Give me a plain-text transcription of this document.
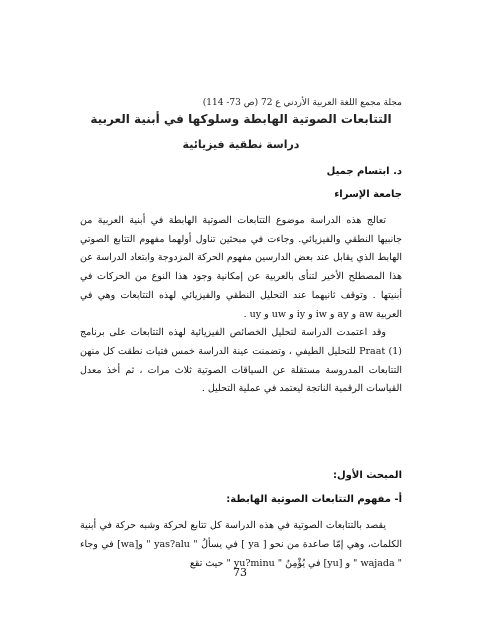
مجلة مجمع اللغة العربية الأردني ع 72 (ص 73- 114)
التتابعات الصوتية الهابطة وسلوكها في أبنية العربية
دراسة نطقية فيزيائية
د. ابتسام جميل
جامعة الإسراء

تعالج هذه الدراسة موضوع التتابعات الصوتية الهابطة في أبنية العربية من جانبيها النطقي والفيزيائي. وجاءت في مبحثين تناول أولهما مفهوم التتابع الصوتي الهابط الذي يقابل عند بعض الدارسين مفهوم الحركة المزدوجة وابتعاد الدراسة عن هذا المصطلح الأخير لتنأى بالعربية عن إمكانية وجود هذا النوع من الحركات في أبنيتها . وتوقف ثانيهما عند التحليل النطقي والفيزيائي لهذه التتابعات وهي في العربية aw و ay و iw و iy و uw و uy .

وقد اعتمدت الدراسة لتحليل الخصائص الفيزيائية لهذه التتابعات على برنامج Praat (1) للتحليل الطيفي ، وتضمنت عينة الدراسة خمس فتيات نطقت كل منهن التتابعات المدروسة مستقلة عن السياقات الصوتية ثلاث مرات ، ثم أخذ معدل القياسات الرقمية الناتجة ليعتمد في عملية التحليل .

المبحث الأول:
أ- مفهوم التتابعات الصوتية الهابطة:

يقصد بالتتابعات الصوتية في هذه الدراسة كل تتابع لحركة وشبه حركة في أبنية الكلمات، وهي إمّا صاعدة من نحو [ ya ] في يسألُ " yas?alu " و[wa] في وجاء " wajada " و [yu] في يُؤْمِنُ " yu?minu " حيث تقع

73
